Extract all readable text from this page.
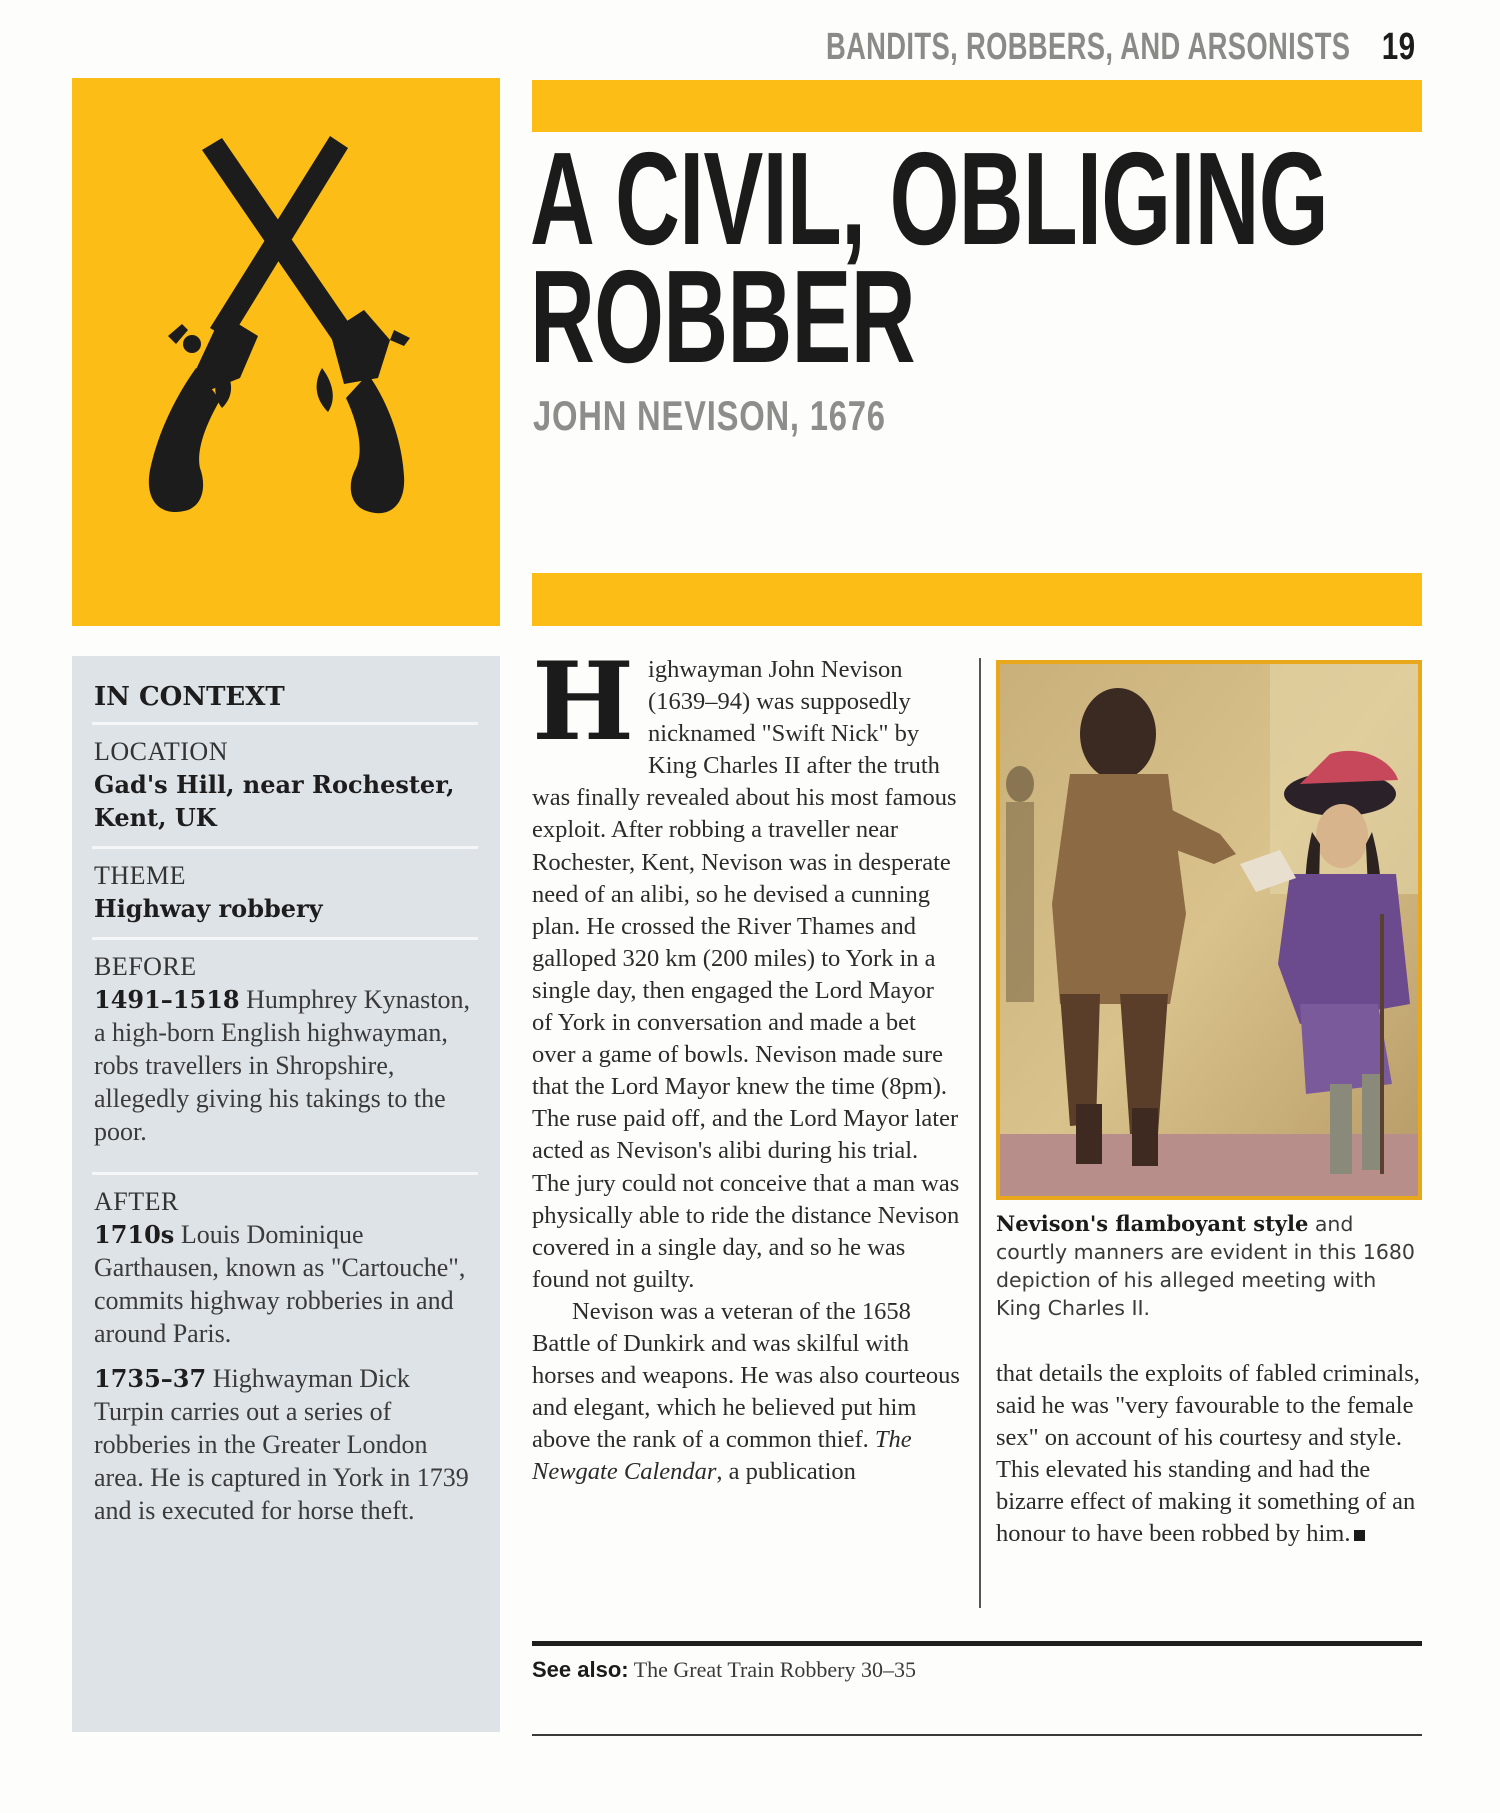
BANDITS, ROBBERS, AND ARSONISTS 19
A CIVIL, OBLIGING
ROBBER
JOHN NEVISON, 1676
IN CONTEXT
LOCATION
Gad's Hill, near Rochester, Kent, UK
THEME
Highway robbery
BEFORE
1491–1518 Humphrey Kynaston, a high-born English highwayman, robs travellers in Shropshire, allegedly giving his takings to the poor.
AFTER
1710s Louis Dominique Garthausen, known as "Cartouche", commits highway robberies in and around Paris.
1735–37 Highwayman Dick Turpin carries out a series of robberies in the Greater London area. He is captured in York in 1739 and is executed for horse theft.

Highwayman John Nevison (1639–94) was supposedly nicknamed "Swift Nick" by King Charles II after the truth was finally revealed about his most famous exploit. After robbing a traveller near Rochester, Kent, Nevison was in desperate need of an alibi, so he devised a cunning plan. He crossed the River Thames and galloped 320 km (200 miles) to York in a single day, then engaged the Lord Mayor of York in conversation and made a bet over a game of bowls. Nevison made sure that the Lord Mayor knew the time (8pm). The ruse paid off, and the Lord Mayor later acted as Nevison's alibi during his trial. The jury could not conceive that a man was physically able to ride the distance Nevison covered in a single day, and so he was found not guilty.

Nevison was a veteran of the 1658 Battle of Dunkirk and was skilful with horses and weapons. He was also courteous and elegant, which he believed put him above the rank of a common thief. The Newgate Calendar, a publication

Nevison's flamboyant style and courtly manners are evident in this 1680 depiction of his alleged meeting with King Charles II.
that details the exploits of fabled criminals, said he was "very favourable to the female sex" on account of his courtesy and style. This elevated his standing and had the bizarre effect of making it something of an honour to have been robbed by him.
See also: The Great Train Robbery 30–35
